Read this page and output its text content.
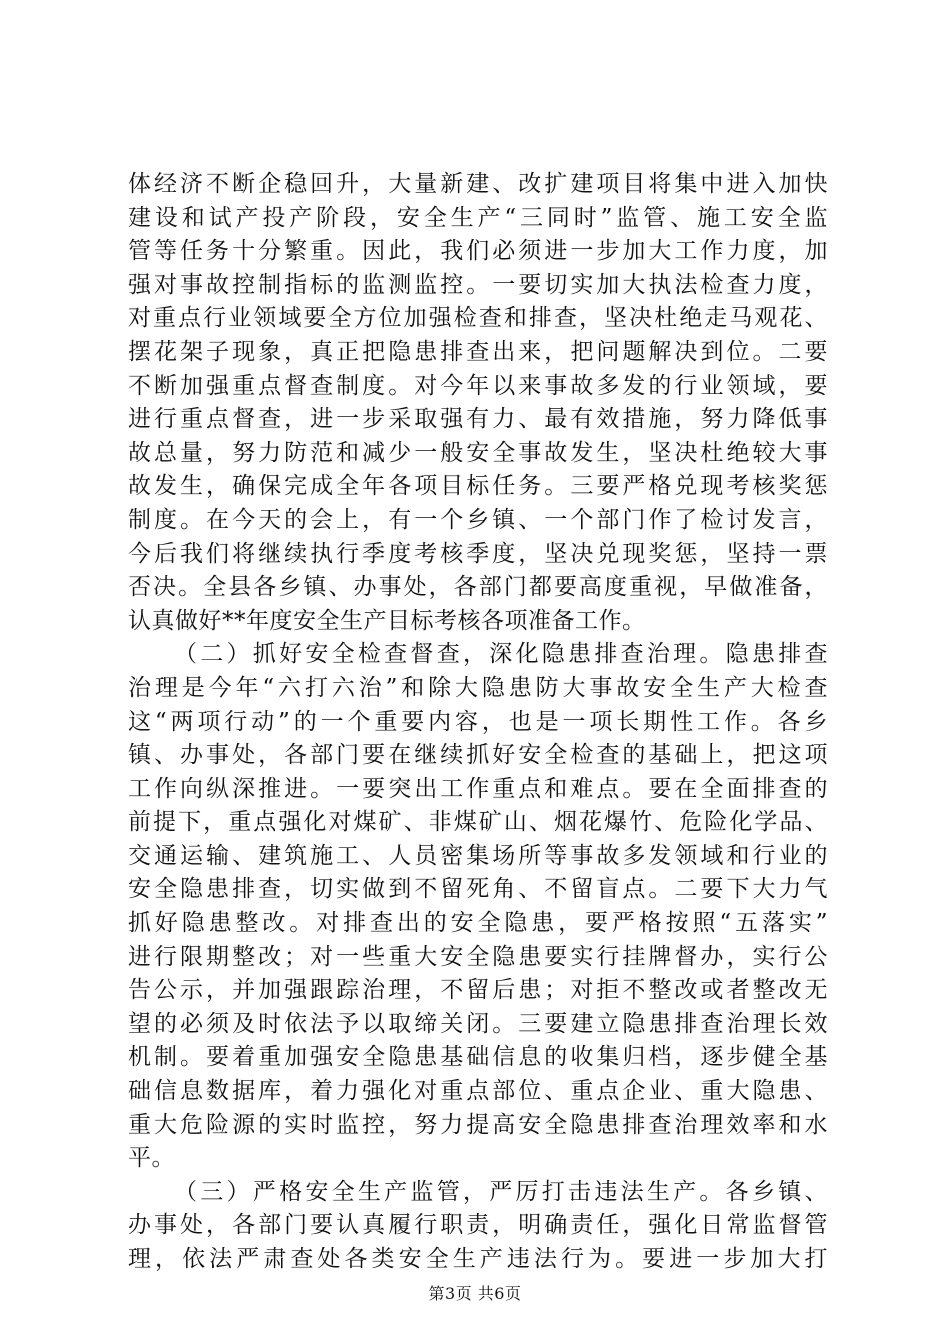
体经济不断企稳回升，大量新建、改扩建项目将集中进入加快
建设和试产投产阶段，安全生产“三同时”监管、施工安全监
管等任务十分繁重。因此，我们必须进一步加大工作力度，加
强对事故控制指标的监测监控。一要切实加大执法检查力度，
对重点行业领域要全方位加强检查和排查，坚决杜绝走马观花、
摆花架子现象，真正把隐患排查出来，把问题解决到位。二要
不断加强重点督查制度。对今年以来事故多发的行业领域，要
进行重点督查，进一步采取强有力、最有效措施，努力降低事
故总量，努力防范和减少一般安全事故发生，坚决杜绝较大事
故发生，确保完成全年各项目标任务。三要严格兑现考核奖惩
制度。在今天的会上，有一个乡镇、一个部门作了检讨发言，
今后我们将继续执行季度考核季度，坚决兑现奖惩，坚持一票
否决。全县各乡镇、办事处，各部门都要高度重视，早做准备，
认真做好**年度安全生产目标考核各项准备工作。
（二）抓好安全检查督查，深化隐患排查治理。隐患排查
治理是今年“六打六治”和除大隐患防大事故安全生产大检查
这“两项行动”的一个重要内容，也是一项长期性工作。各乡
镇、办事处，各部门要在继续抓好安全检查的基础上，把这项
工作向纵深推进。一要突出工作重点和难点。要在全面排查的
前提下，重点强化对煤矿、非煤矿山、烟花爆竹、危险化学品、
交通运输、建筑施工、人员密集场所等事故多发领域和行业的
安全隐患排查，切实做到不留死角、不留盲点。二要下大力气
抓好隐患整改。对排查出的安全隐患，要严格按照“五落实”
进行限期整改；对一些重大安全隐患要实行挂牌督办，实行公
告公示，并加强跟踪治理，不留后患；对拒不整改或者整改无
望的必须及时依法予以取缔关闭。三要建立隐患排查治理长效
机制。要着重加强安全隐患基础信息的收集归档，逐步健全基
础信息数据库，着力强化对重点部位、重点企业、重大隐患、
重大危险源的实时监控，努力提高安全隐患排查治理效率和水
平。
（三）严格安全生产监管，严厉打击违法生产。各乡镇、
办事处，各部门要认真履行职责，明确责任，强化日常监督管
理，依法严肃查处各类安全生产违法行为。要进一步加大打
第3页 共6页
